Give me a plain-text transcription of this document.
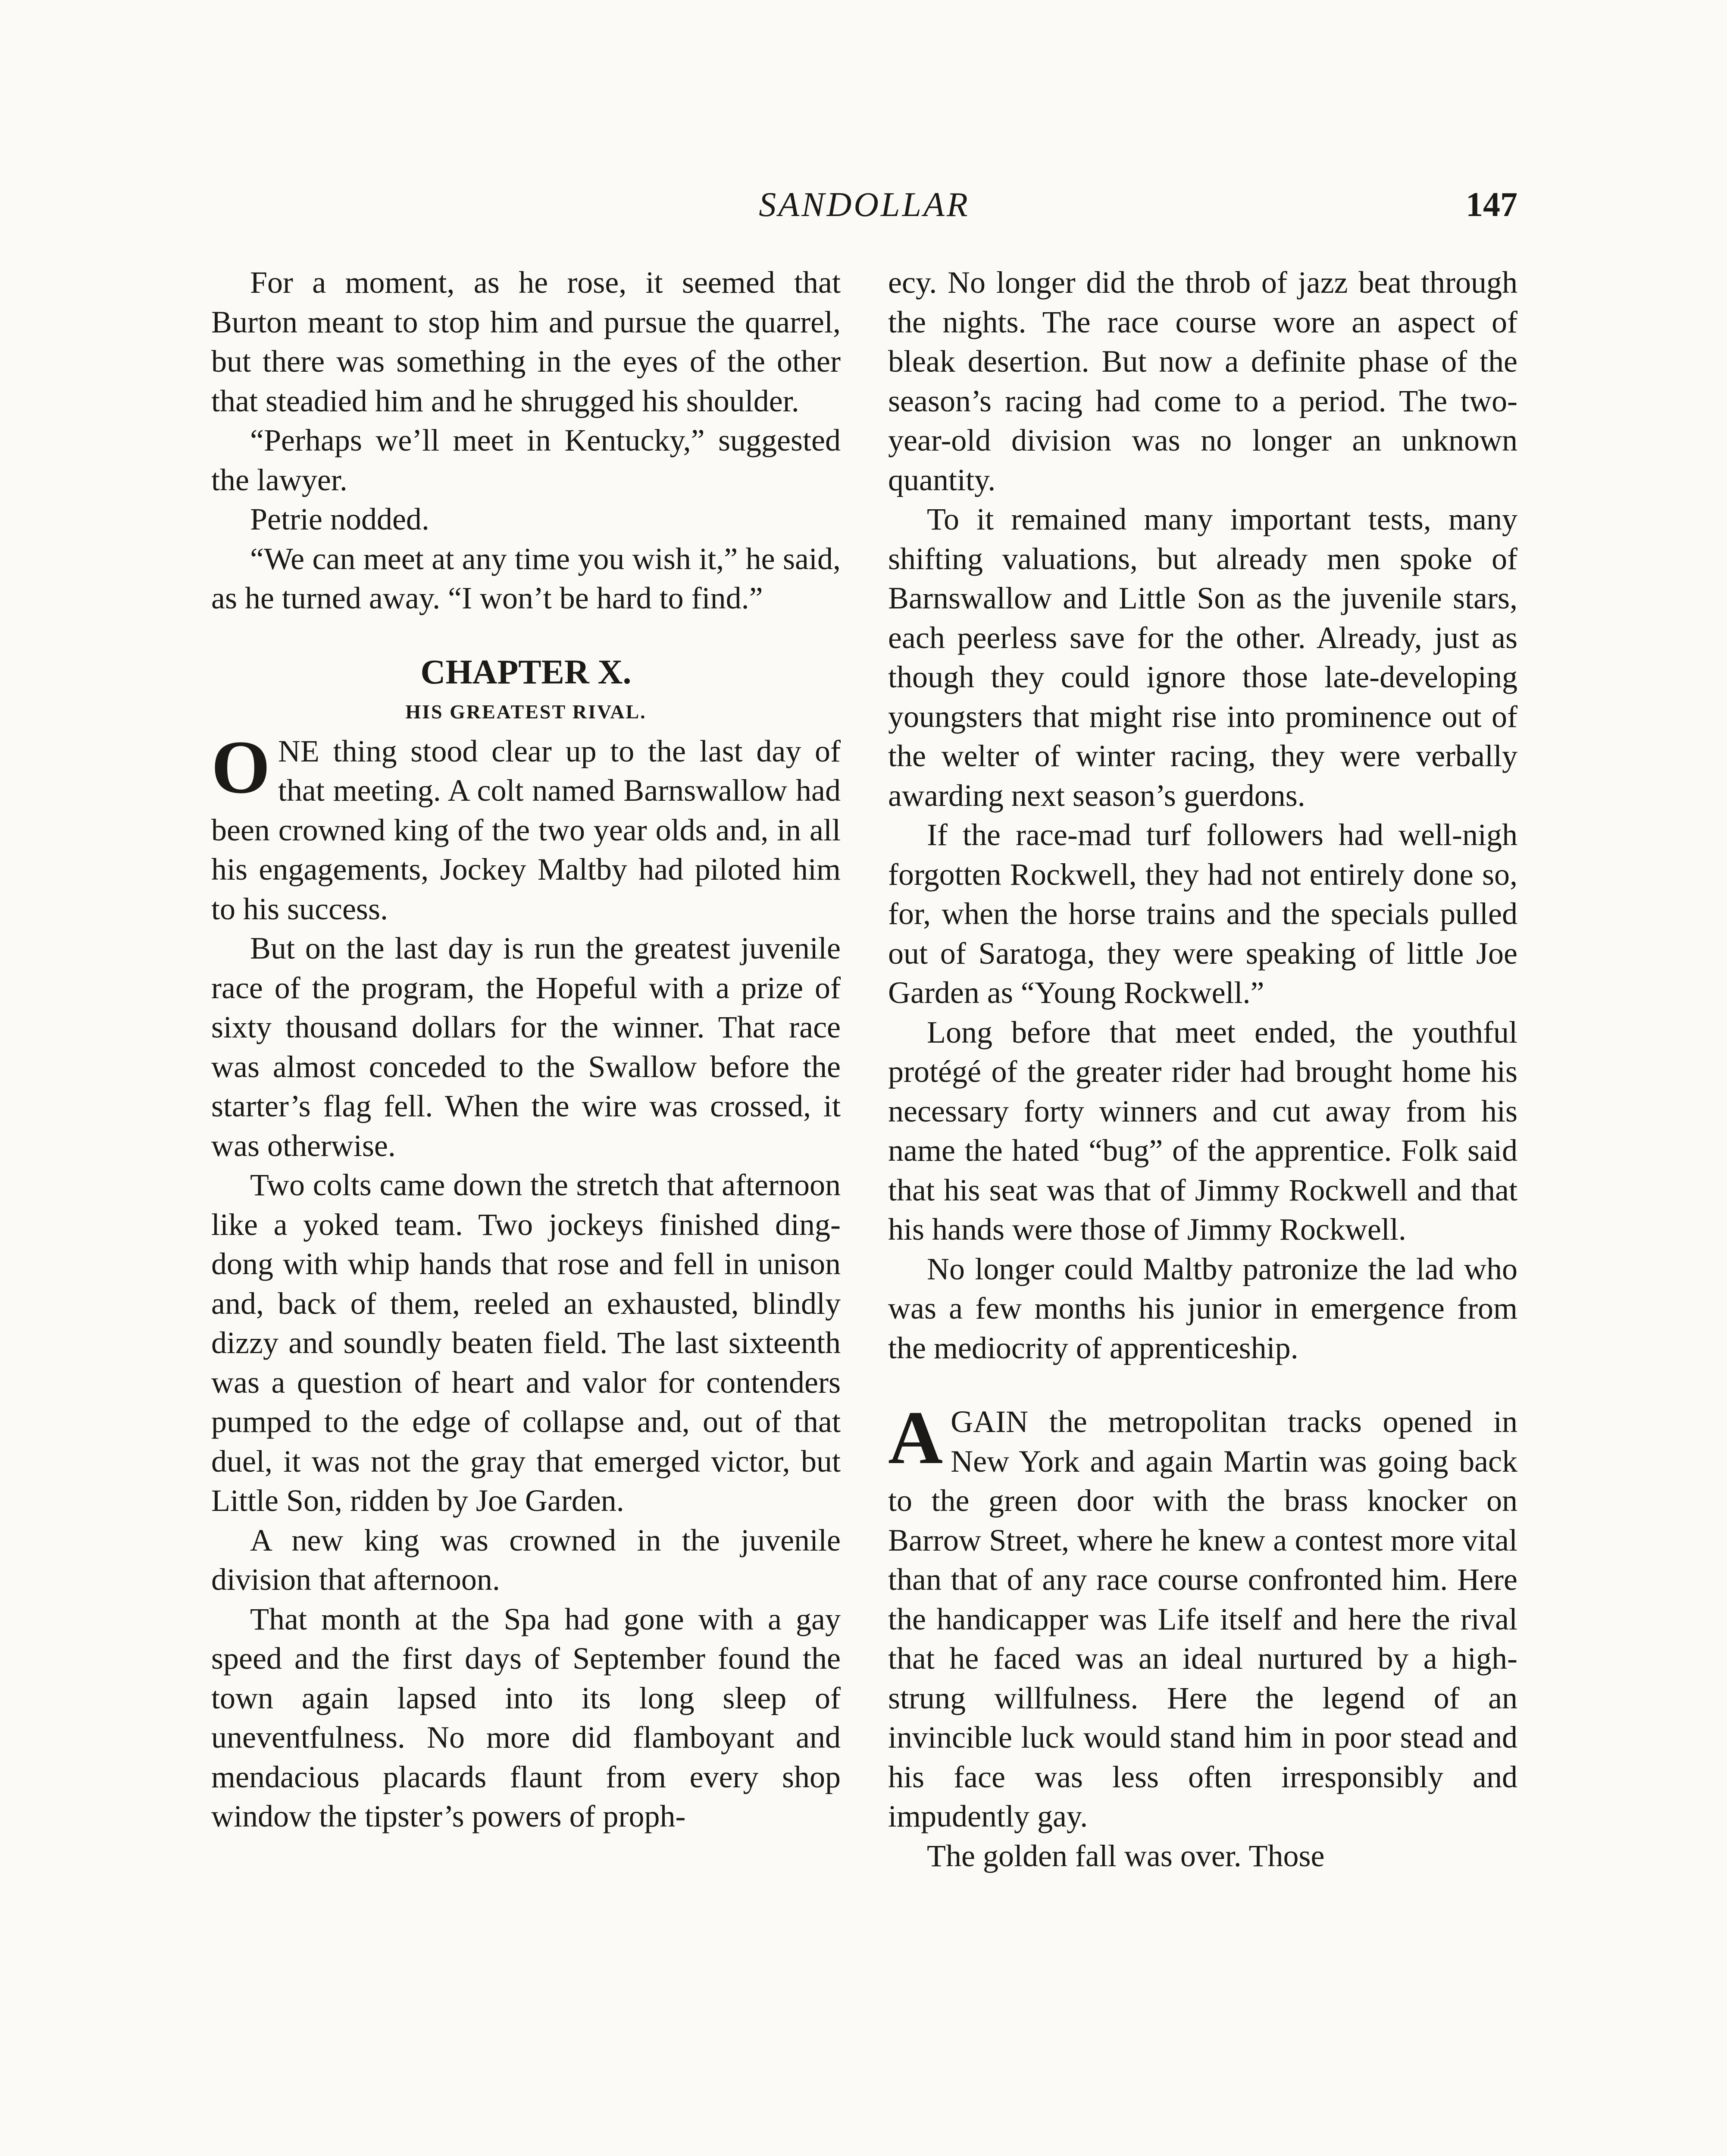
SANDOLLAR	147

For a moment, as he rose, it seemed that Burton meant to stop him and pursue the quarrel, but there was something in the eyes of the other that steadied him and he shrugged his shoulder.

“Perhaps we’ll meet in Kentucky,” suggested the lawyer.

Petrie nodded.

“We can meet at any time you wish it,” he said, as he turned away. “I won’t be hard to find.”

CHAPTER X.
HIS GREATEST RIVAL.

ONE thing stood clear up to the last day of that meeting. A colt named Barnswallow had been crowned king of the two year olds and, in all his engagements, Jockey Maltby had piloted him to his success.

But on the last day is run the greatest juvenile race of the program, the Hopeful with a prize of sixty thousand dollars for the winner. That race was almost conceded to the Swallow before the starter’s flag fell. When the wire was crossed, it was otherwise.

Two colts came down the stretch that afternoon like a yoked team. Two jockeys finished ding-dong with whip hands that rose and fell in unison and, back of them, reeled an exhausted, blindly dizzy and soundly beaten field. The last sixteenth was a question of heart and valor for contenders pumped to the edge of collapse and, out of that duel, it was not the gray that emerged victor, but Little Son, ridden by Joe Garden.

A new king was crowned in the juvenile division that afternoon.

That month at the Spa had gone with a gay speed and the first days of September found the town again lapsed into its long sleep of uneventfulness. No more did flamboyant and mendacious placards flaunt from every shop window the tipster’s powers of proph-

ecy. No longer did the throb of jazz beat through the nights. The race course wore an aspect of bleak desertion. But now a definite phase of the season’s racing had come to a period. The two-year-old division was no longer an unknown quantity.

To it remained many important tests, many shifting valuations, but already men spoke of Barnswallow and Little Son as the juvenile stars, each peerless save for the other. Already, just as though they could ignore those late-developing youngsters that might rise into prominence out of the welter of winter racing, they were verbally awarding next season’s guerdons.

If the race-mad turf followers had well-nigh forgotten Rockwell, they had not entirely done so, for, when the horse trains and the specials pulled out of Saratoga, they were speaking of little Joe Garden as “Young Rockwell.”

Long before that meet ended, the youthful protégé of the greater rider had brought home his necessary forty winners and cut away from his name the hated “bug” of the apprentice. Folk said that his seat was that of Jimmy Rockwell and that his hands were those of Jimmy Rockwell.

No longer could Maltby patronize the lad who was a few months his junior in emergence from the mediocrity of apprenticeship.

AGAIN the metropolitan tracks opened in New York and again Martin was going back to the green door with the brass knocker on Barrow Street, where he knew a contest more vital than that of any race course confronted him. Here the handicapper was Life itself and here the rival that he faced was an ideal nurtured by a high-strung willfulness. Here the legend of an invincible luck would stand him in poor stead and his face was less often irresponsibly and impudently gay.

The golden fall was over. Those
